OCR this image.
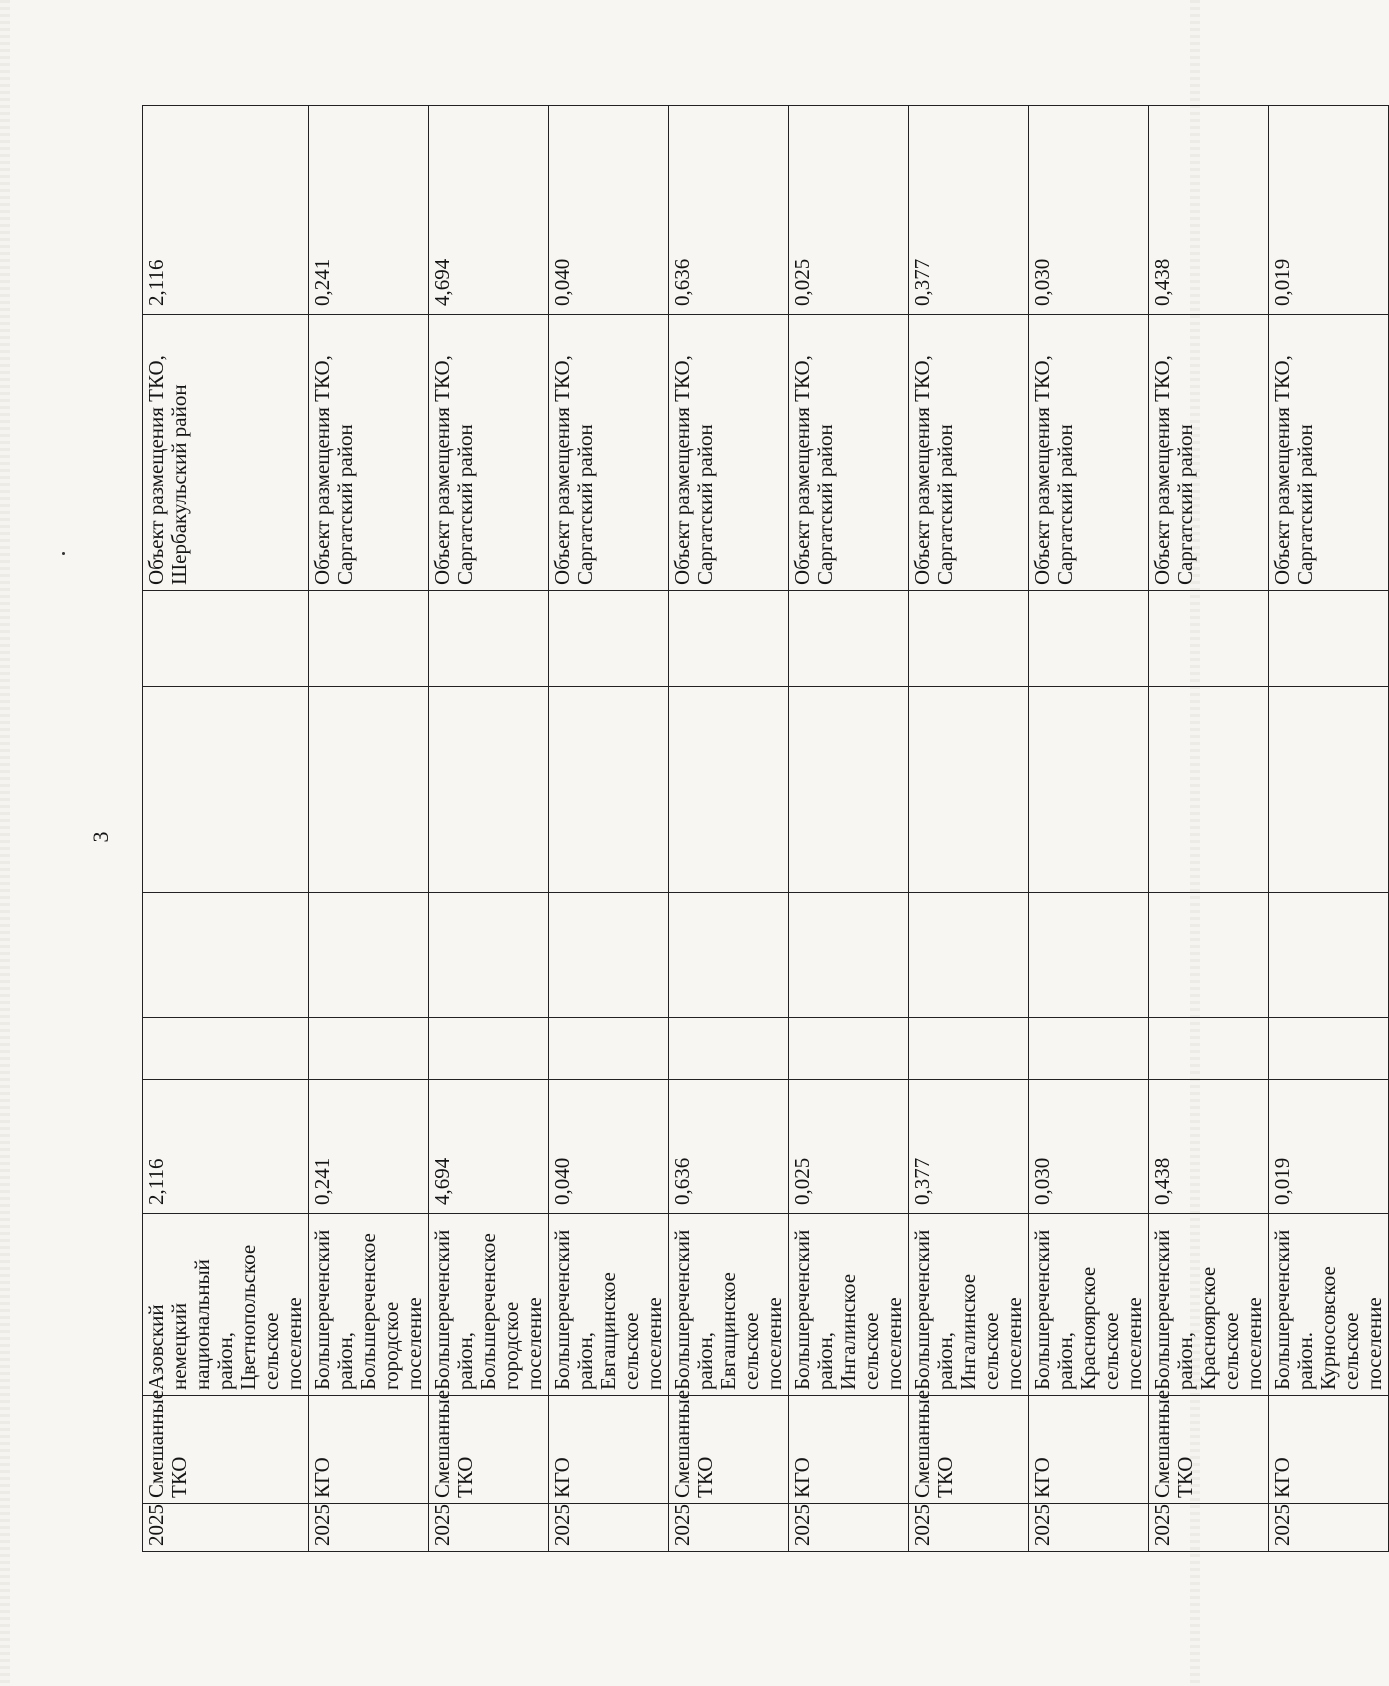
3
2025	Смешанные ТКО	Азовский немецкий национальный район, Цветнопольское сельское поселение	2,116					Объект размещения ТКО, Шербакульский район	2,116
2025	КГО	Большереченский район, Большереченское городское поселение	0,241					Объект размещения ТКО, Саргатский район	0,241
2025	Смешанные ТКО	Большереченский район, Большереченское городское поселение	4,694					Объект размещения ТКО, Саргатский район	4,694
2025	КГО	Большереченский район, Евгащинское сельское поселение	0,040					Объект размещения ТКО, Саргатский район	0,040
2025	Смешанные ТКО	Большереченский район, Евгащинское сельское поселение	0,636					Объект размещения ТКО, Саргатский район	0,636
2025	КГО	Большереченский район, Ингалинское сельское поселение	0,025					Объект размещения ТКО, Саргатский район	0,025
2025	Смешанные ТКО	Большереченский район, Ингалинское сельское поселение	0,377					Объект размещения ТКО, Саргатский район	0,377
2025	КГО	Большереченский район, Красноярское сельское поселение	0,030					Объект размещения ТКО, Саргатский район	0,030
2025	Смешанные ТКО	Большереченский район, Красноярское сельское поселение	0,438					Объект размещения ТКО, Саргатский район	0,438
2025	КГО	Большереченский район. Курносовское сельское поселение	0,019					Объект размещения ТКО, Саргатский район	0,019
